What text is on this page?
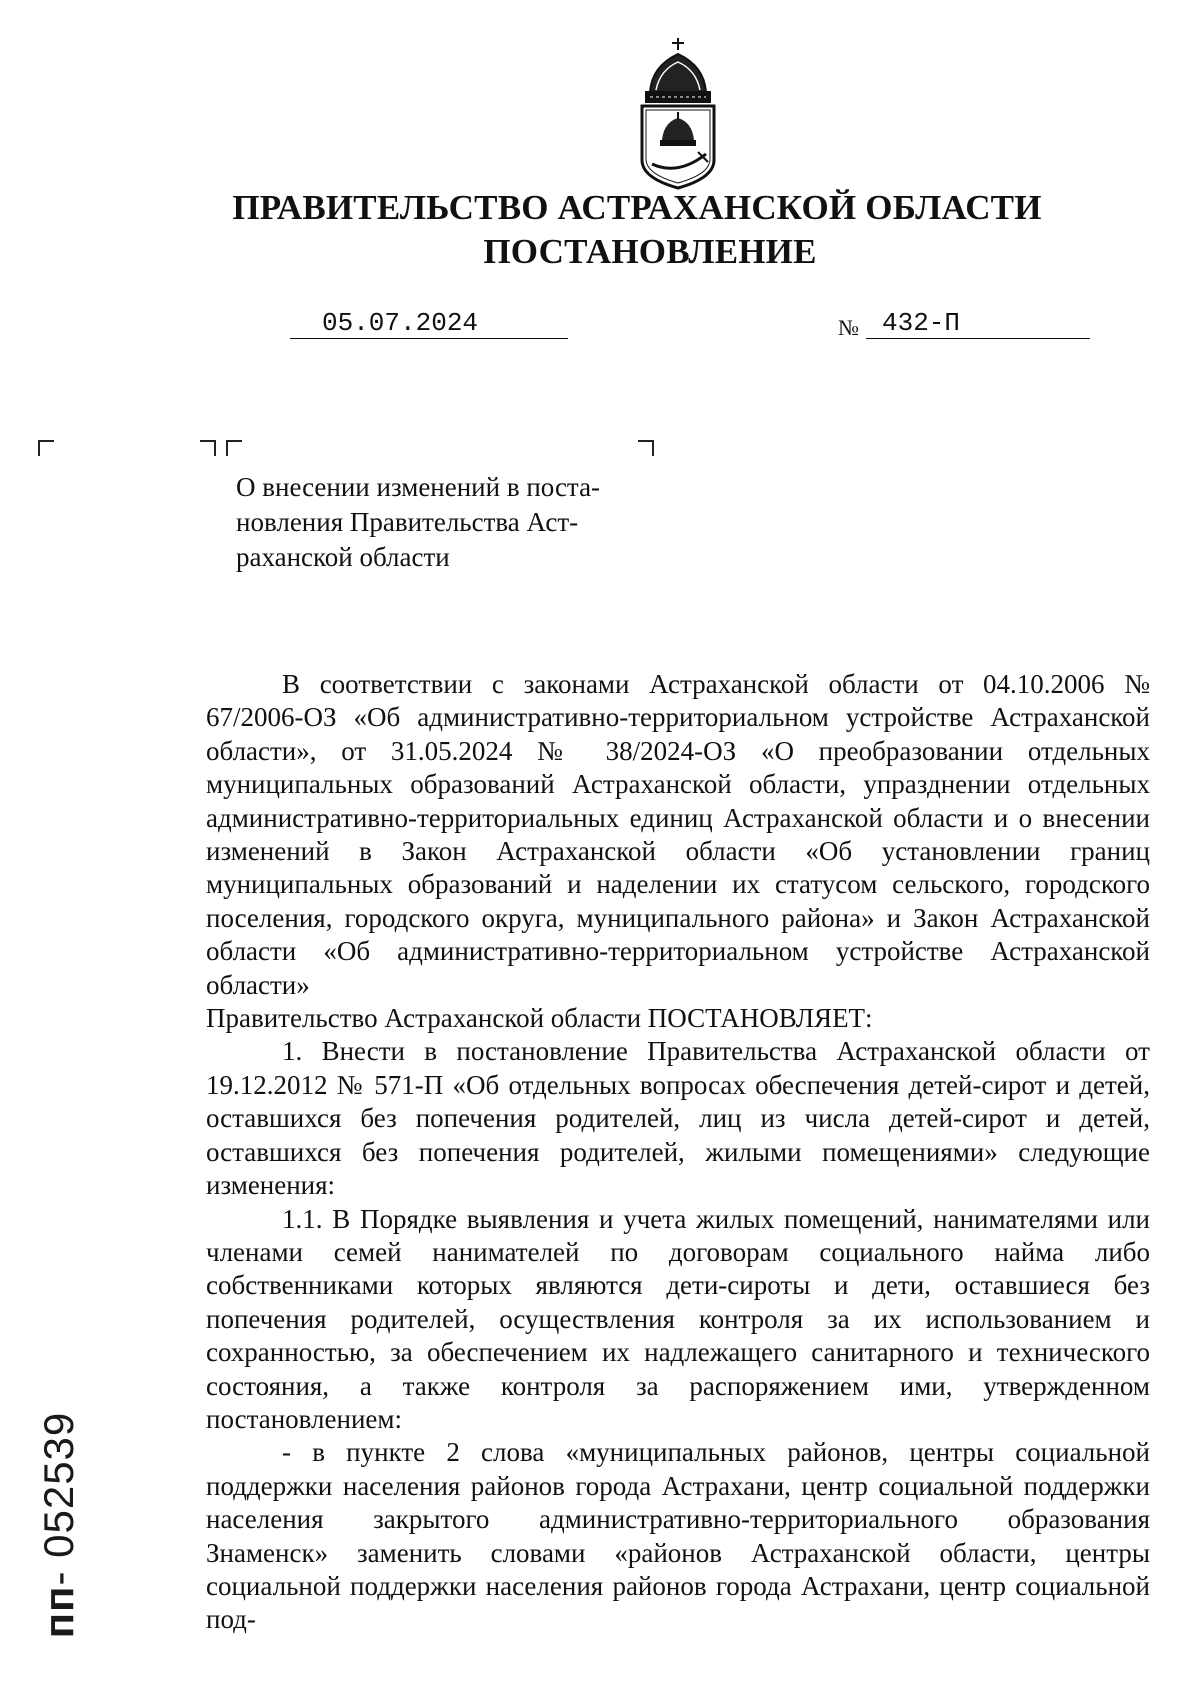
ПРАВИТЕЛЬСТВО АСТРАХАНСКОЙ ОБЛАСТИ
ПОСТАНОВЛЕНИЕ
05.07.2024	№ 432-П
О внесении изменений в поста-
новления Правительства Аст-
раханской области

В соответствии с законами Астраханской области от 04.10.2006 № 67/2006-ОЗ «Об административно-территориальном устройстве Астраханской области», от 31.05.2024 № 38/2024-ОЗ «О преобразовании отдельных муниципальных образований Астраханской области, упразднении отдельных административно-территориальных единиц Астраханской области и о внесении изменений в Закон Астраханской области «Об установлении границ муниципальных образований и наделении их статусом сельского, городского поселения, городского округа, муниципального района» и Закон Астраханской области «Об административно-территориальном устройстве Астраханской области»

Правительство Астраханской области ПОСТАНОВЛЯЕТ:

1. Внести в постановление Правительства Астраханской области от 19.12.2012 № 571-П «Об отдельных вопросах обеспечения детей-сирот и детей, оставшихся без попечения родителей, лиц из числа детей-сирот и детей, оставшихся без попечения родителей, жилыми помещениями» следующие изменения:

1.1. В Порядке выявления и учета жилых помещений, нанимателями или членами семей нанимателей по договорам социального найма либо собственниками которых являются дети-сироты и дети, оставшиеся без попечения родителей, осуществления контроля за их использованием и сохранностью, за обеспечением их надлежащего санитарного и технического состояния, а также контроля за распоряжением ими, утвержденном постановлением:

- в пункте 2 слова «муниципальных районов, центры социальной поддержки населения районов города Астрахани, центр социальной поддержки населения закрытого административно-территориального образования Знаменск» заменить словами «районов Астраханской области, центры социальной поддержки населения районов города Астрахани, центр социальной под-

пп- 052539
